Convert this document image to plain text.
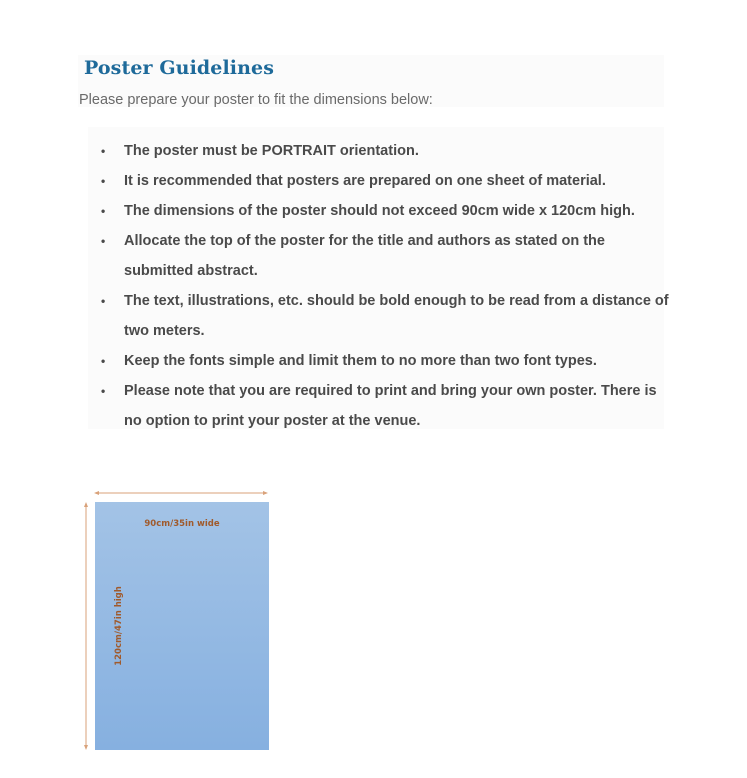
Poster Guidelines

Please prepare your poster to fit the dimensions below:

• The poster must be PORTRAIT orientation.
• It is recommended that posters are prepared on one sheet of material.
• The dimensions of the poster should not exceed 90cm wide x 120cm high.
• Allocate the top of the poster for the title and authors as stated on the submitted abstract.
• The text, illustrations, etc. should be bold enough to be read from a distance of two meters.
• Keep the fonts simple and limit them to no more than two font types.
• Please note that you are required to print and bring your own poster. There is no option to print your poster at the venue.
90cm/35in wide
120cm/47in high
